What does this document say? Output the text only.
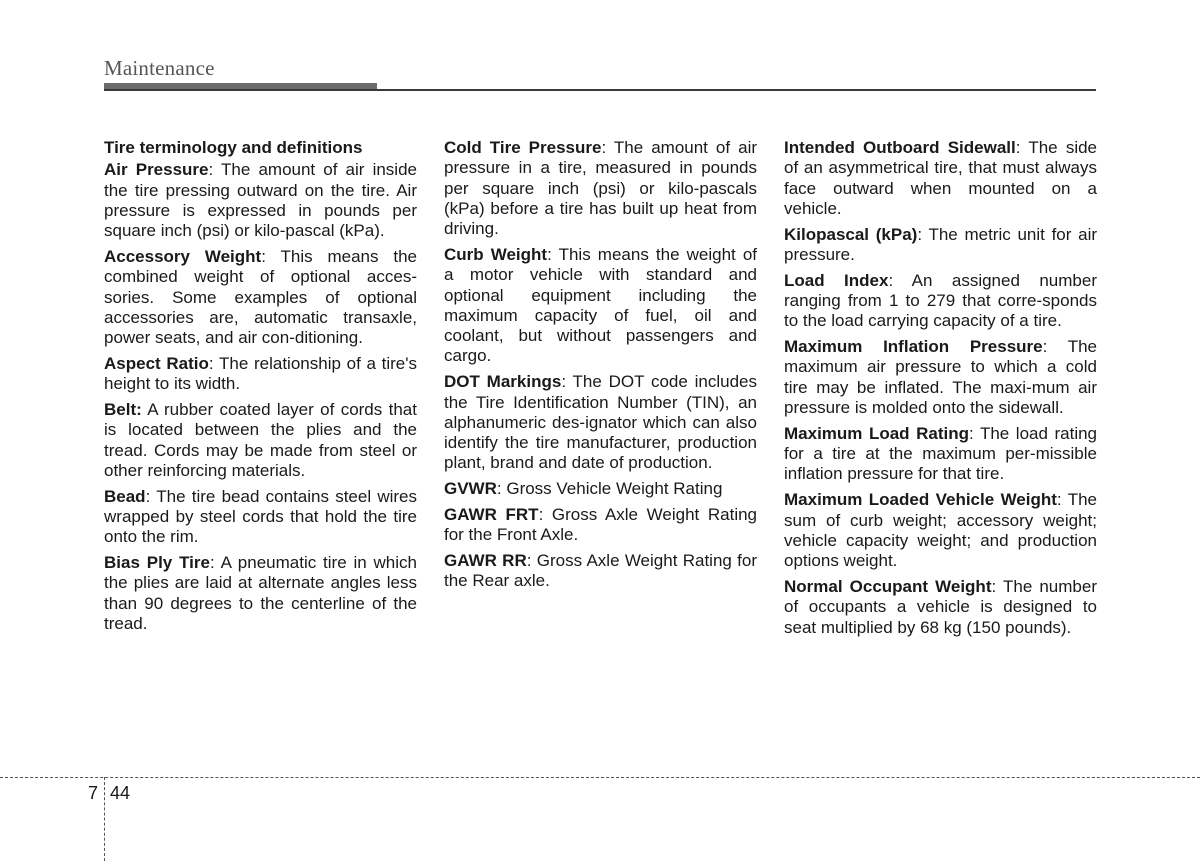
Maintenance
Tire terminology and definitions
Air Pressure: The amount of air inside the tire pressing outward on the tire. Air pressure is expressed in pounds per square inch (psi) or kilo-pascal (kPa).
Accessory Weight: This means the combined weight of optional acces-sories. Some examples of optional accessories are, automatic transaxle, power seats, and air con-ditioning.
Aspect Ratio: The relationship of a tire's height to its width.
Belt: A rubber coated layer of cords that is located between the plies and the tread. Cords may be made from steel or other reinforcing materials.
Bead: The tire bead contains steel wires wrapped by steel cords that hold the tire onto the rim.
Bias Ply Tire: A pneumatic tire in which the plies are laid at alternate angles less than 90 degrees to the centerline of the tread.
Cold Tire Pressure: The amount of air pressure in a tire, measured in pounds per square inch (psi) or kilo-pascals (kPa) before a tire has built up heat from driving.
Curb Weight: This means the weight of a motor vehicle with standard and optional equipment including the maximum capacity of fuel, oil and coolant, but without passengers and cargo.
DOT Markings: The DOT code includes the Tire Identification Number (TIN), an alphanumeric des-ignator which can also identify the tire manufacturer, production plant, brand and date of production.
GVWR: Gross Vehicle Weight Rating
GAWR FRT: Gross Axle Weight Rating for the Front Axle.
GAWR RR: Gross Axle Weight Rating for the Rear axle.
Intended Outboard Sidewall: The side of an asymmetrical tire, that must always face outward when mounted on a vehicle.
Kilopascal (kPa): The metric unit for air pressure.
Load Index: An assigned number ranging from 1 to 279 that corre-sponds to the load carrying capacity of a tire.
Maximum Inflation Pressure: The maximum air pressure to which a cold tire may be inflated. The maxi-mum air pressure is molded onto the sidewall.
Maximum Load Rating: The load rating for a tire at the maximum per-missible inflation pressure for that tire.
Maximum Loaded Vehicle Weight: The sum of curb weight; accessory weight; vehicle capacity weight; and production options weight.
Normal Occupant Weight: The number of occupants a vehicle is designed to seat multiplied by 68 kg (150 pounds).
7 44
